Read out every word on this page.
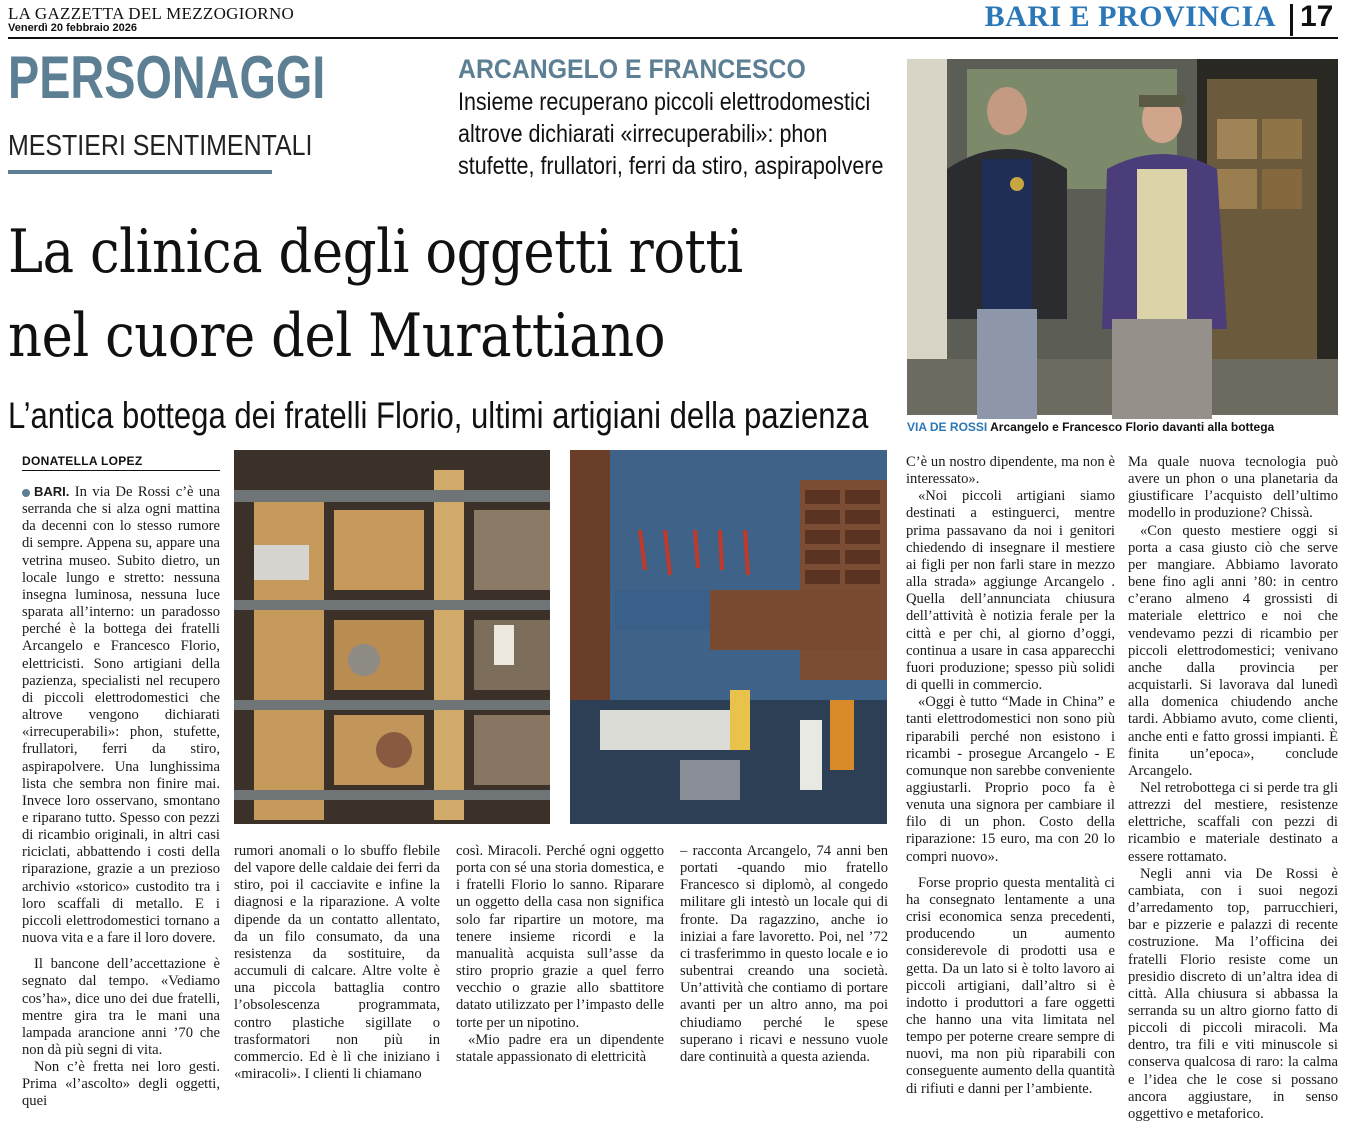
LA GAZZETTA DEL MEZZOGIORNO
Venerdì 20 febbraio 2026	BARI E PROVINCIA 17
PERSONAGGI
MESTIERI SENTIMENTALI
ARCANGELO E FRANCESCO
Insieme recuperano piccoli elettrodomestici
altrove dichiarati «irrecuperabili»: phon
stufette, frullatori, ferri da stiro, aspirapolvere
La clinica degli oggetti rotti
nel cuore del Murattiano
L’antica bottega dei fratelli Florio, ultimi artigiani della pazienza
DONATELLA LOPEZ
VIA DE ROSSI Arcangelo e Francesco Florio davanti alla bottega

BARI. In via De Rossi c’è una serranda che si alza ogni mattina da decenni con lo stesso rumore di sempre. Appena su, appare una vetrina museo. Subito dietro, un locale lungo e stretto: nessuna insegna luminosa, nessuna luce sparata all’interno: un paradosso perché è la bottega dei fratelli Arcangelo e Francesco Florio, elettricisti. Sono artigiani della pazienza, specialisti nel recupero di piccoli elettrodomestici che altrove vengono dichiarati «irrecuperabili»: phon, stufette, frullatori, ferri da stiro, aspirapolvere. Una lunghissima lista che sembra non finire mai. Invece loro osservano, smontano e riparano tutto. Spesso con pezzi di ricambio originali, in altri casi riciclati, abbattendo i costi della riparazione, grazie a un prezioso archivio «storico» custodito tra i loro scaffali di metallo. E i piccoli elettrodomestici tornano a nuova vita e a fare il loro dovere.

Il bancone dell’accettazione è segnato dal tempo. «Vediamo cos’ha», dice uno dei due fratelli, mentre gira tra le mani una lampada arancione anni ’70 che non dà più segni di vita.

Non c’è fretta nei loro gesti. Prima «l’ascolto» degli oggetti, quei

rumori anomali o lo sbuffo flebile del vapore delle caldaie dei ferri da stiro, poi il cacciavite e infine la diagnosi e la riparazione. A volte dipende da un contatto allentato, da un filo consumato, da una resistenza da sostituire, da accumuli di calcare. Altre volte è una piccola battaglia contro l’obsolescenza programmata, contro plastiche sigillate o trasformatori non più in commercio. Ed è lì che iniziano i «miracoli». I clienti li chiamano

così. Miracoli. Perché ogni oggetto porta con sé una storia domestica, e i fratelli Florio lo sanno. Riparare un oggetto della casa non significa solo far ripartire un motore, ma tenere insieme ricordi e la manualità acquista sull’asse da stiro proprio grazie a quel ferro vecchio o grazie allo sbattitore datato utilizzato per l’impasto delle torte per un nipotino.

«Mio padre era un dipendente statale appassionato di elettricità

– racconta Arcangelo, 74 anni ben portati -quando mio fratello Francesco si diplomò, al congedo militare gli intestò un locale qui di fronte. Da ragazzino, anche io iniziai a fare lavoretto. Poi, nel ’72 ci trasferimmo in questo locale e io subentrai creando una società. Un’attività che contiamo di portare avanti per un altro anno, ma poi chiudiamo perché le spese superano i ricavi e nessuno vuole dare continuità a questa azienda.

C’è un nostro dipendente, ma non è interessato».

«Noi piccoli artigiani siamo destinati a estinguerci, mentre prima passavano da noi i genitori chiedendo di insegnare il mestiere ai figli per non farli stare in mezzo alla strada» aggiunge Arcangelo . Quella dell’annunciata chiusura dell’attività è notizia ferale per la città e per chi, al giorno d’oggi, continua a usare in casa apparecchi fuori produzione; spesso più solidi di quelli in commercio.

«Oggi è tutto “Made in China” e tanti elettrodomestici non sono più riparabili perché non esistono i ricambi - prosegue Arcangelo - E comunque non sarebbe conveniente aggiustarli. Proprio poco fa è venuta una signora per cambiare il filo di un phon. Costo della riparazione: 15 euro, ma con 20 lo compri nuovo».

Forse proprio questa mentalità ci ha consegnato lentamente a una crisi economica senza precedenti, producendo un aumento considerevole di prodotti usa e getta. Da un lato si è tolto lavoro ai piccoli artigiani, dall’altro si è indotto i produttori a fare oggetti che hanno una vita limitata nel tempo per poterne creare sempre di nuovi, ma non più riparabili con conseguente aumento della quantità di rifiuti e danni per l’ambiente.

Ma quale nuova tecnologia può avere un phon o una planetaria da giustificare l’acquisto dell’ultimo modello in produzione? Chissà.

«Con questo mestiere oggi si porta a casa giusto ciò che serve per mangiare. Abbiamo lavorato bene fino agli anni ’80: in centro c’erano almeno 4 grossisti di materiale elettrico e noi che vendevamo pezzi di ricambio per piccoli elettrodomestici; venivano anche dalla provincia per acquistarli. Si lavorava dal lunedì alla domenica chiudendo anche tardi. Abbiamo avuto, come clienti, anche enti e fatto grossi impianti. È finita un’epoca», conclude Arcangelo.

Nel retrobottega ci si perde tra gli attrezzi del mestiere, resistenze elettriche, scaffali con pezzi di ricambio e materiale destinato a essere rottamato.

Negli anni via De Rossi è cambiata, con i suoi negozi d’arredamento top, parrucchieri, bar e pizzerie e palazzi di recente costruzione. Ma l’officina dei fratelli Florio resiste come un presidio discreto di un’altra idea di città. Alla chiusura si abbassa la serranda su un altro giorno fatto di piccoli di piccoli miracoli. Ma dentro, tra fili e viti minuscole si conserva qualcosa di raro: la calma e l’idea che le cose si possano ancora aggiustare, in senso oggettivo e metaforico.
